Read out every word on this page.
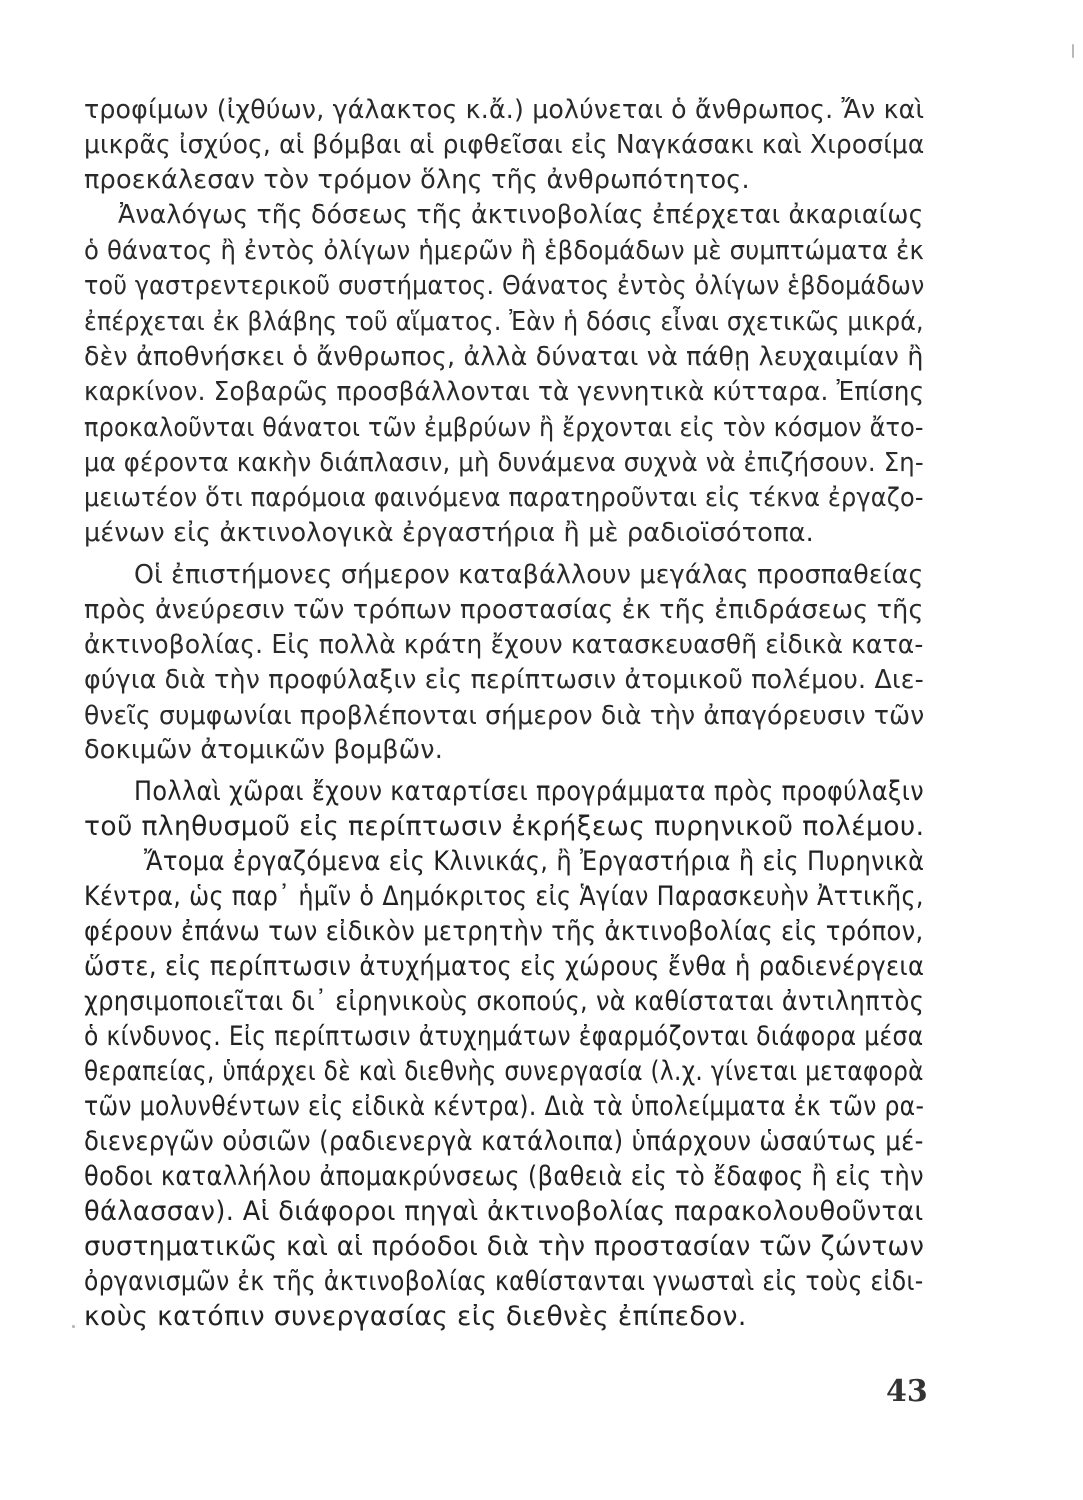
τροφίμων (ἰχθύων, γάλακτος κ.ἄ.) μολύνεται ὁ ἄνθρωπος. Ἄν καὶ
μικρᾶς ἰσχύος, αἱ βόμβαι αἱ ριφθεῖσαι εἰς Ναγκάσακι καὶ Χιροσίμα
προεκάλεσαν τὸν τρόμον ὅλης τῆς ἀνθρωπότητος.
Ἀναλόγως τῆς δόσεως τῆς ἀκτινοβολίας ἐπέρχεται ἀκαριαίως
ὁ θάνατος ἢ ἐντὸς ὀλίγων ἡμερῶν ἢ ἑβδομάδων μὲ συμπτώματα ἐκ
τοῦ γαστρεντερικοῦ συστήματος. Θάνατος ἐντὸς ὀλίγων ἑβδομάδων
ἐπέρχεται ἐκ βλάβης τοῦ αἵματος. Ἐὰν ἡ δόσις εἶναι σχετικῶς μικρά,
δὲν ἀποθνήσκει ὁ ἄνθρωπος, ἀλλὰ δύναται νὰ πάθῃ λευχαιμίαν ἢ
καρκίνον. Σοβαρῶς προσβάλλονται τὰ γεννητικὰ κύτταρα. Ἐπίσης
προκαλοῦνται θάνατοι τῶν ἐμβρύων ἢ ἔρχονται εἰς τὸν κόσμον ἄτο-
μα φέροντα κακὴν διάπλασιν, μὴ δυνάμενα συχνὰ νὰ ἐπιζήσουν. Ση-
μειωτέον ὅτι παρόμοια φαινόμενα παρατηροῦνται εἰς τέκνα ἐργαζο-
μένων εἰς ἀκτινολογικὰ ἐργαστήρια ἢ μὲ ραδιοϊσότοπα.
Οἱ ἐπιστήμονες σήμερον καταβάλλουν μεγάλας προσπαθείας
πρὸς ἀνεύρεσιν τῶν τρόπων προστασίας ἐκ τῆς ἐπιδράσεως τῆς
ἀκτινοβολίας. Εἰς πολλὰ κράτη ἔχουν κατασκευασθῆ εἰδικὰ κατα-
φύγια διὰ τὴν προφύλαξιν εἰς περίπτωσιν ἀτομικοῦ πολέμου. Διε-
θνεῖς συμφωνίαι προβλέπονται σήμερον διὰ τὴν ἀπαγόρευσιν τῶν
δοκιμῶν ἀτομικῶν βομβῶν.
Πολλαὶ χῶραι ἔχουν καταρτίσει προγράμματα πρὸς προφύλαξιν
τοῦ πληθυσμοῦ εἰς περίπτωσιν ἐκρήξεως πυρηνικοῦ πολέμου.
Ἄτομα ἐργαζόμενα εἰς Κλινικάς, ἢ Ἐργαστήρια ἢ εἰς Πυρηνικὰ
Κέντρα, ὡς παρ᾽ ἡμῖν ὁ Δημόκριτος εἰς Ἁγίαν Παρασκευὴν Ἀττικῆς,
φέρουν ἐπάνω των εἰδικὸν μετρητὴν τῆς ἀκτινοβολίας εἰς τρόπον,
ὥστε, εἰς περίπτωσιν ἀτυχήματος εἰς χώρους ἔνθα ἡ ραδιενέργεια
χρησιμοποιεῖται δι᾽ εἰρηνικοὺς σκοπούς, νὰ καθίσταται ἀντιληπτὸς
ὁ κίνδυνος. Εἰς περίπτωσιν ἀτυχημάτων ἐφαρμόζονται διάφορα μέσα
θεραπείας, ὑπάρχει δὲ καὶ διεθνὴς συνεργασία (λ.χ. γίνεται μεταφορὰ
τῶν μολυνθέντων εἰς εἰδικὰ κέντρα). Διὰ τὰ ὑπολείμματα ἐκ τῶν ρα-
διενεργῶν οὐσιῶν (ραδιενεργὰ κατάλοιπα) ὑπάρχουν ὡσαύτως μέ-
θοδοι καταλλήλου ἀπομακρύνσεως (βαθειὰ εἰς τὸ ἔδαφος ἢ εἰς τὴν
θάλασσαν). Αἱ διάφοροι πηγαὶ ἀκτινοβολίας παρακολουθοῦνται
συστηματικῶς καὶ αἱ πρόοδοι διὰ τὴν προστασίαν τῶν ζώντων
ὀργανισμῶν ἐκ τῆς ἀκτινοβολίας καθίστανται γνωσταὶ εἰς τοὺς εἰδι-
κοὺς κατόπιν συνεργασίας εἰς διεθνὲς ἐπίπεδον.
43
